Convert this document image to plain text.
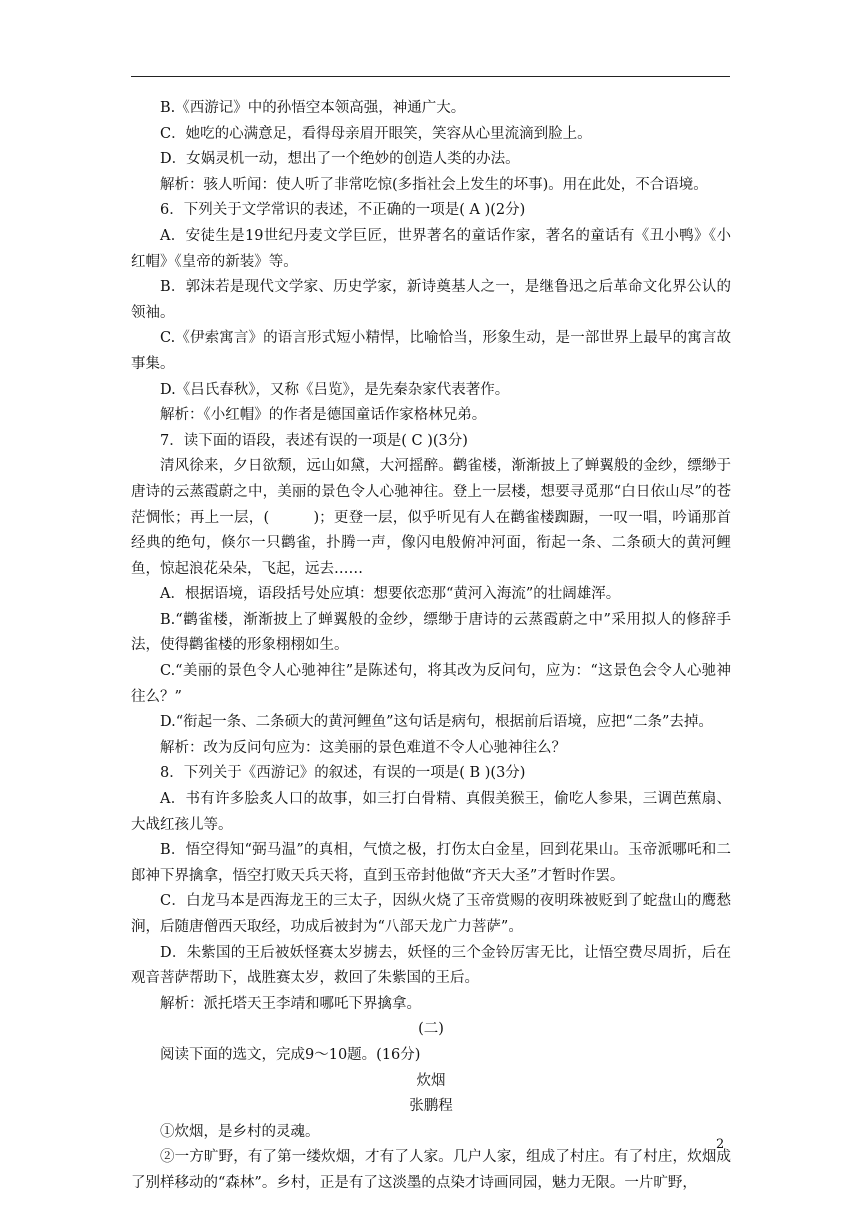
B.《西游记》中的孙悟空本领高强，神通广大。

C．她吃的心满意足，看得母亲眉开眼笑，笑容从心里流滴到脸上。

D．女娲灵机一动，想出了一个绝妙的创造人类的办法。

解析：骇人听闻：使人听了非常吃惊(多指社会上发生的坏事)。用在此处，不合语境。

6．下列关于文学常识的表述，不正确的一项是( A )(2分)

A．安徒生是19世纪丹麦文学巨匠，世界著名的童话作家，著名的童话有《丑小鸭》《小红帽》《皇帝的新装》等。

B．郭沫若是现代文学家、历史学家，新诗奠基人之一，是继鲁迅之后革命文化界公认的领袖。

C.《伊索寓言》的语言形式短小精悍，比喻恰当，形象生动，是一部世界上最早的寓言故事集。

D.《吕氏春秋》，又称《吕览》，是先秦杂家代表著作。

解析：《小红帽》的作者是德国童话作家格林兄弟。

7．读下面的语段，表述有误的一项是( C )(3分)

清风徐来，夕日欲颓，远山如黛，大河摇醉。鹳雀楼，渐渐披上了蝉翼般的金纱，缥缈于唐诗的云蒸霞蔚之中，美丽的景色令人心驰神往。登上一层楼，想要寻觅那“白日依山尽”的苍茫惆怅；再上一层，(　　　)；更登一层，似乎听见有人在鹳雀楼踟蹰，一叹一唱，吟诵那首经典的绝句，倏尔一只鹳雀，扑腾一声，像闪电般俯冲河面，衔起一条、二条硕大的黄河鲤鱼，惊起浪花朵朵，飞起，远去……

A．根据语境，语段括号处应填：想要依恋那“黄河入海流”的壮阔雄浑。

B.“鹳雀楼，渐渐披上了蝉翼般的金纱，缥缈于唐诗的云蒸霞蔚之中”采用拟人的修辞手法，使得鹳雀楼的形象栩栩如生。

C.“美丽的景色令人心驰神往”是陈述句，将其改为反问句，应为：“这景色会令人心驰神往么？”

D.“衔起一条、二条硕大的黄河鲤鱼”这句话是病句，根据前后语境，应把“二条”去掉。

解析：改为反问句应为：这美丽的景色难道不令人心驰神往么？

8．下列关于《西游记》的叙述，有误的一项是( B )(3分)

A．书有许多脍炙人口的故事，如三打白骨精、真假美猴王，偷吃人参果，三调芭蕉扇、大战红孩儿等。

B．悟空得知“弼马温”的真相，气愤之极，打伤太白金星，回到花果山。玉帝派哪吒和二郎神下界擒拿，悟空打败天兵天将，直到玉帝封他做“齐天大圣”才暂时作罢。

C．白龙马本是西海龙王的三太子，因纵火烧了玉帝赏赐的夜明珠被贬到了蛇盘山的鹰愁涧，后随唐僧西天取经，功成后被封为“八部天龙广力菩萨”。

D．朱紫国的王后被妖怪赛太岁掳去，妖怪的三个金铃厉害无比，让悟空费尽周折，后在观音菩萨帮助下，战胜赛太岁，救回了朱紫国的王后。

解析：派托塔天王李靖和哪吒下界擒拿。

(二)

阅读下面的选文，完成9～10题。(16分)

炊烟

张鹏程

①炊烟，是乡村的灵魂。

②一方旷野，有了第一缕炊烟，才有了人家。几户人家，组成了村庄。有了村庄，炊烟成了别样移动的“森林”。乡村，正是有了这淡墨的点染才诗画同园，魅力无限。一片旷野，

2
